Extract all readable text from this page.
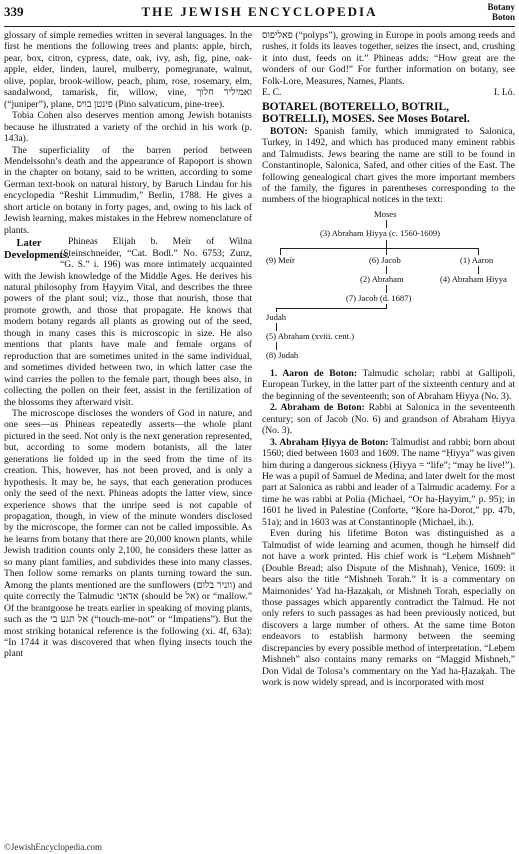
339	THE JEWISH ENCYCLOPEDIA	Botany
Boton

glossary of simple remedies written in several languages. In the first he mentions the following trees and plants: apple, birch, pear, box, citron, cypress, date, oak, ivy, ash, fig, pine, oak-apple, elder, linden, laurel, mulberry, pomegranate, walnut, olive, poplar, brook-willow, peach, plum, rose, rosemary, elm, sandalwood, tamarisk, fir, willow, vine, ואמיליר חלוך (“juniper”), plane, פינטן בויס (Pino salvaticum, pine-tree).

Tobia Cohen also deserves mention among Jewish botanists because he illustrated a variety of the orchid in his work (p. 143a).

The superficiality of the barren period between Mendelssohn’s death and the appearance of Rapoport is shown in the chapter on botany, said to be written, according to some German text-book on natural history, by Baruch Lindau for his encyclopedia “Reshit Limmudim,” Berlin, 1788. He gives a short article on botany in forty pages, and, owing to his lack of Jewish learning, makes mistakes in the Hebrew nomenclature of plants.

Later Developments.

Phineas Elijah b. Meïr of Wilna (Steinschneider, “Cat. Bodl.” No. 6753; Zunz, “G. S.” i. 196) was more intimately acquainted with the Jewish knowledge of the Middle Ages. He derives his natural philosophy from Ḥayyim Vital, and describes the three powers of the plant soul; viz., those that nourish, those that promote growth, and those that propagate. He knows that modern botany regards all plants as growing out of the seed, though in many cases this is microscopic in size. He also mentions that plants have male and female organs of reproduction that are sometimes united in the same individual, and sometimes divided between two, in which latter case the wind carries the pollen to the female part, though bees also, in collecting the pollen on their feet, assist in the fertilization of the blossoms they afterward visit.

The microscope discloses the wonders of God in nature, and one sees—as Phineas repeatedly asserts—the whole plant pictured in the seed. Not only is the next generation represented, but, according to some modern botanists, all the later generations lie folded up in the seed from the time of its creation. This, however, has not been proved, and is only a hypothesis. It may be, he says, that each generation produces only the seed of the next. Phineas adopts the latter view, since experience shows that the unripe seed is not capable of propagation, though, in view of the minute wonders disclosed by the microscope, the former can not be called impossible. As he learns from botany that there are 20,000 known plants, while Jewish tradition counts only 2,100, he considers these latter as so many plant families, and subdivides these into many classes. Then follow some remarks on plants turning toward the sun. Among the plants mentioned are the sunflowers (ווניר בלום) and quite correctly the Talmudic אדאני (should be אל) or “mallow.” Of the brantgoose he treats earlier in speaking of moving plants, such as the אל תגע בי (“touch-me-not” or “Impatiens”). But the most striking botanical reference is the following (xi. 4f, 63a): “In 1744 it was discovered that when flying insects touch the plant

פאליפוס (“polyps”), growing in Europe in pools among reeds and rushes, it folds its leaves together, seizes the insect, and, crushing it into dust, feeds on it.” Phineas adds: “How great are the wonders of our God!” For further information on botany, see Folk-Lore, Measures, Names, Plants.

E. C.	I. Lö.
BOTAREL (BOTERELLO, BOTRIL, BOTRELLI), MOSES. See Moses Botarel.

BOTON: Spanish family, which immigrated to Salonica, Turkey, in 1492, and which has produced many eminent rabbis and Talmudists. Jews bearing the name are still to be found in Constantinople, Salonica, Safed, and other cities of the East. The following genealogical chart gives the more important members of the family, the figures in parentheses corresponding to the numbers of the biographical notices in the text:

Moses
(3) Abraham Ḥiyya (c. 1560-1609)
(9) Meïr	(6) Jacob	(1) Aaron
(2) Abraham	(4) Abraham Ḥiyya
(7) Jacob (d. 1687)
Judah
(5) Abraham (xviii. cent.)
(8) Judah

1. Aaron de Boton: Talmudic scholar; rabbi at Gallipoli, European Turkey, in the latter part of the sixteenth century and at the beginning of the seventeenth; son of Abraham Ḥiyya (No. 3).

2. Abraham de Boton: Rabbi at Salonica in the seventeenth century; son of Jacob (No. 6) and grandson of Abraham Ḥiyya (No. 3).

3. Abraham Ḥiyya de Boton: Talmudist and rabbi; born about 1560; died between 1603 and 1609. The name “Ḥiyya” was given him during a dangerous sickness (Ḥiyya = “life”; “may he live!”). He was a pupil of Samuel de Medina, and later dwelt for the most part at Salonica as rabbi and leader of a Talmudic academy. For a time he was rabbi at Polia (Michael, “Or ha-Ḥayyim,” p. 95); in 1601 he lived in Palestine (Conforte, “Ḳore ha-Dorot,” pp. 47b, 51a); and in 1603 was at Constantinople (Michael, ib.).

Even during his lifetime Boton was distinguished as a Talmudist of wide learning and acumen, though he himself did not have a work printed. His chief work is “Leḥem Mishneh” (Double Bread; also Dispute of the Mishnah), Venice, 1609: it bears also the title “Mishneh Torah.” It is a commentary on Maimonides’ Yad ha-Ḥazaḳah, or Mishneh Torah, especially on those passages which apparently contradict the Talmud. He not only refers to such passages as had been previously noticed, but discovers a large number of others. At the same time Boton endeavors to establish harmony between the seeming discrepancies by every possible method of interpretation. “Leḥem Mishneh” also contains many remarks on “Maggid Mishneh,” Don Vidal de Tolosa’s commentary on the Yad ha-Ḥazaḳah. The work is now widely spread, and is incorporated with most

©JewishEncyclopedia.com
